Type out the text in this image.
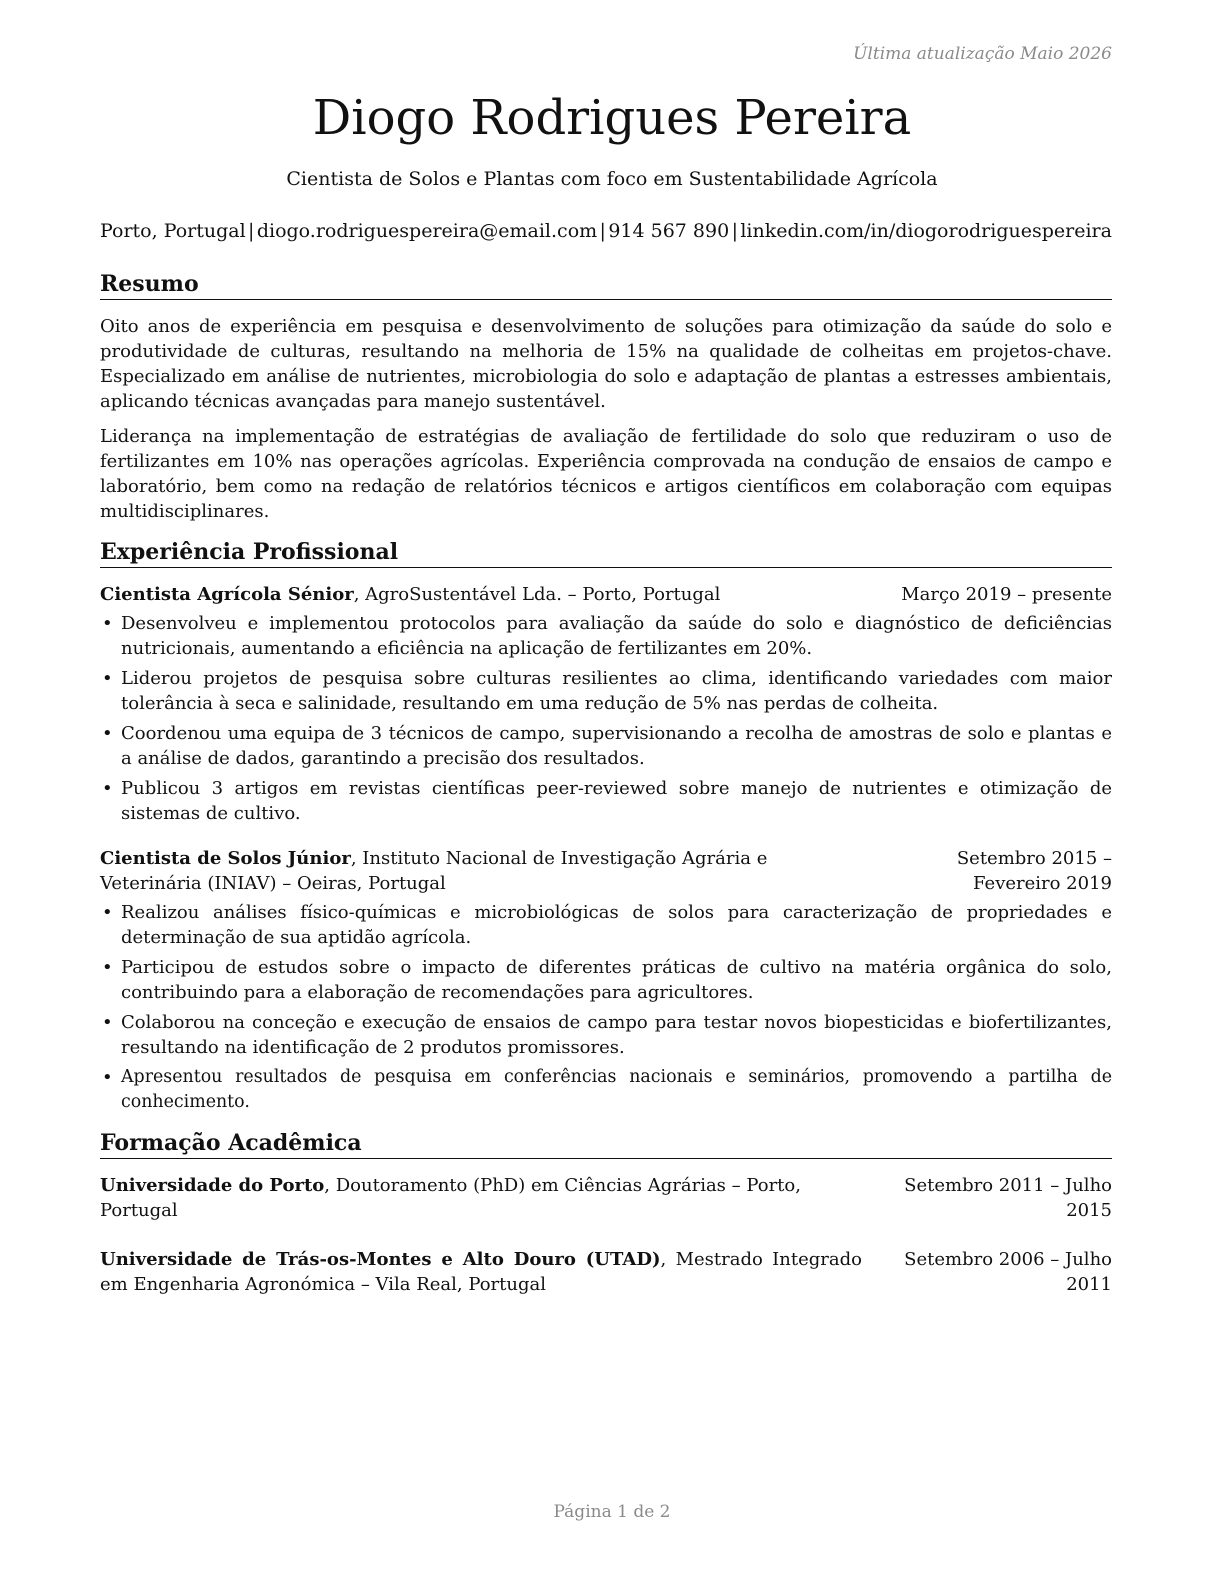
Última atualização Maio 2026
Diogo Rodrigues Pereira
Cientista de Solos e Plantas com foco em Sustentabilidade Agrícola
Porto, Portugal | diogo.rodriguespereira@email.com | 914 567 890 | linkedin.com/in/diogorodriguespereira
Resumo

Oito anos de experiência em pesquisa e desenvolvimento de soluções para otimização da saúde do solo e produtividade de culturas, resultando na melhoria de 15% na qualidade de colheitas em projetos-chave. Especializado em análise de nutrientes, microbiologia do solo e adaptação de plantas a estresses ambientais, aplicando técnicas avançadas para manejo sustentável.

Liderança na implementação de estratégias de avaliação de fertilidade do solo que reduziram o uso de fertilizantes em 10% nas operações agrícolas. Experiência comprovada na condução de ensaios de campo e laboratório, bem como na redação de relatórios técnicos e artigos científicos em colaboração com equipas multidisciplinares.

Experiência Profissional
Cientista Agrícola Sénior, AgroSustentável Lda. – Porto, Portugal	Março 2019 – presente
• Desenvolveu e implementou protocolos para avaliação da saúde do solo e diagnóstico de deficiências nutricionais, aumentando a eficiência na aplicação de fertilizantes em 20%.
• Liderou projetos de pesquisa sobre culturas resilientes ao clima, identificando variedades com maior tolerância à seca e salinidade, resultando em uma redução de 5% nas perdas de colheita.
• Coordenou uma equipa de 3 técnicos de campo, supervisionando a recolha de amostras de solo e plantas e a análise de dados, garantindo a precisão dos resultados.
• Publicou 3 artigos em revistas científicas peer-reviewed sobre manejo de nutrientes e otimização de sistemas de cultivo.
Cientista de Solos Júnior, Instituto Nacional de Investigação Agrária e Veterinária (INIAV) – Oeiras, Portugal
Setembro 2015 – Fevereiro 2019
• Realizou análises físico-químicas e microbiológicas de solos para caracterização de propriedades e determinação de sua aptidão agrícola.
• Participou de estudos sobre o impacto de diferentes práticas de cultivo na matéria orgânica do solo, contribuindo para a elaboração de recomendações para agricultores.
• Colaborou na conceção e execução de ensaios de campo para testar novos biopesticidas e biofertilizantes, resultando na identificação de 2 produtos promissores.
• Apresentou resultados de pesquisa em conferências nacionais e seminários, promovendo a partilha de conhecimento.
Formação Acadêmica
Universidade do Porto, Doutoramento (PhD) em Ciências Agrárias – Porto, Portugal
Setembro 2011 – Julho 2015
Universidade de Trás-os-Montes e Alto Douro (UTAD), Mestrado Integrado em Engenharia Agronómica – Vila Real, Portugal
Setembro 2006 – Julho 2011
Página 1 de 2
